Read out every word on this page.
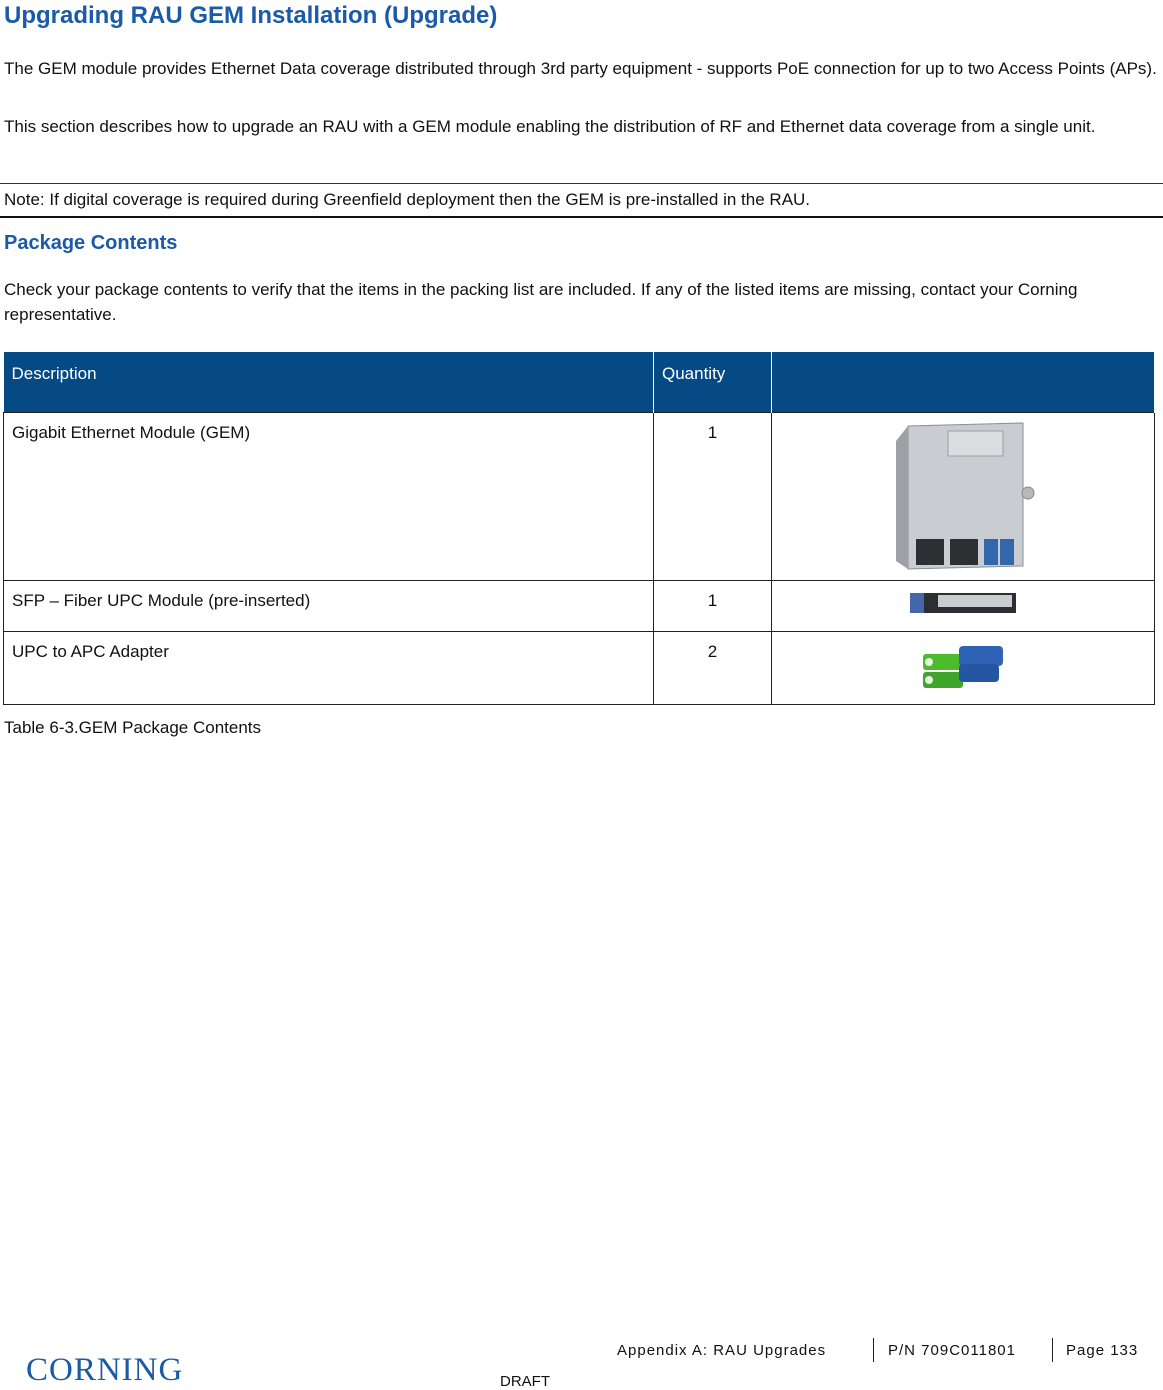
Upgrading RAU GEM Installation (Upgrade)
The GEM module provides Ethernet Data coverage distributed through 3rd party equipment - supports PoE connection for up to two Access Points (APs).
This section describes how to upgrade an RAU with a GEM module enabling the distribution of RF and Ethernet data coverage from a single unit.
Note: If digital coverage is required during Greenfield deployment then the GEM is pre-installed in the RAU.
Package Contents
Check your package contents to verify that the items in the packing list are included. If any of the listed items are missing, contact your Corning representative.
Description	Quantity	
Gigabit Ethernet Module (GEM)	1	
SFP – Fiber UPC Module (pre-inserted)	1	
UPC to APC Adapter	2	
Table 6-3.GEM Package Contents
CORNING
Appendix A: RAU Upgrades	P/N 709C011801	Page 133
DRAFT
